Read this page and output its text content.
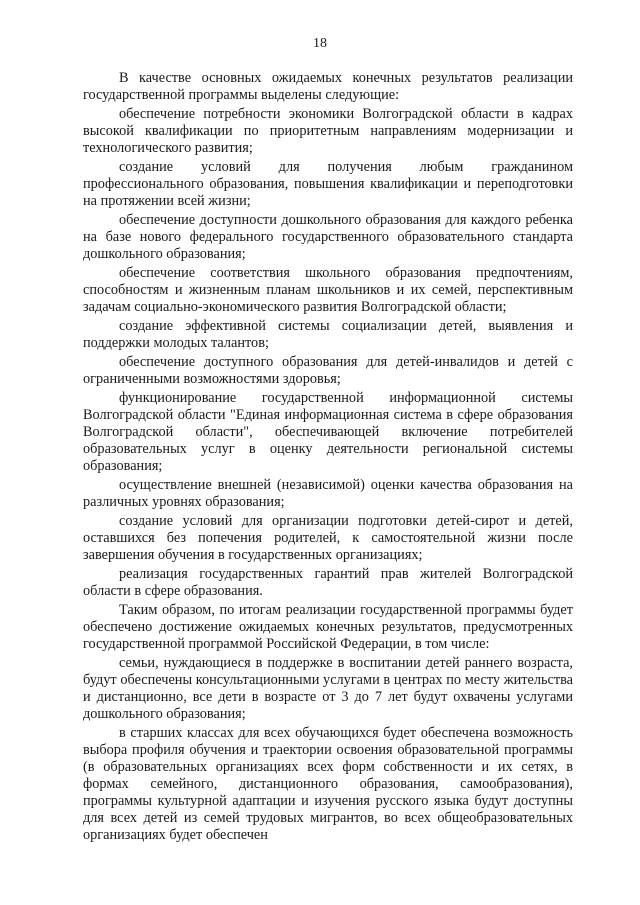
18

В качестве основных ожидаемых конечных результатов реализации государственной программы выделены следующие:

обеспечение потребности экономики Волгоградской области в кадрах высокой квалификации по приоритетным направлениям модернизации и технологического развития;

создание условий для получения любым гражданином профессионального образования, повышения квалификации и переподготовки на протяжении всей жизни;

обеспечение доступности дошкольного образования для каждого ребенка на базе нового федерального государственного образовательного стандарта дошкольного образования;

обеспечение соответствия школьного образования предпочтениям, способностям и жизненным планам школьников и их семей, перспективным задачам социально-экономического развития Волгоградской области;

создание эффективной системы социализации детей, выявления и поддержки молодых талантов;

обеспечение доступного образования для детей-инвалидов и детей с ограниченными возможностями здоровья;

функционирование государственной информационной системы Волгоградской области "Единая информационная система в сфере образования Волгоградской области", обеспечивающей включение потребителей образовательных услуг в оценку деятельности региональной системы образования;

осуществление внешней (независимой) оценки качества образования на различных уровнях образования;

создание условий для организации подготовки детей-сирот и детей, оставшихся без попечения родителей, к самостоятельной жизни после завершения обучения в государственных организациях;

реализация государственных гарантий прав жителей Волгоградской области в сфере образования.

Таким образом, по итогам реализации государственной программы будет обеспечено достижение ожидаемых конечных результатов, предусмотренных государственной программой Российской Федерации, в том числе:

семьи, нуждающиеся в поддержке в воспитании детей раннего возраста, будут обеспечены консультационными услугами в центрах по месту жительства и дистанционно, все дети в возрасте от 3 до 7 лет будут охвачены услугами дошкольного образования;

в старших классах для всех обучающихся будет обеспечена возможность выбора профиля обучения и траектории освоения образовательной программы (в образовательных организациях всех форм собственности и их сетях, в формах семейного, дистанционного образования, самообразования), программы культурной адаптации и изучения русского языка будут доступны для всех детей из семей трудовых мигрантов, во всех общеобразовательных организациях будет обеспечен
